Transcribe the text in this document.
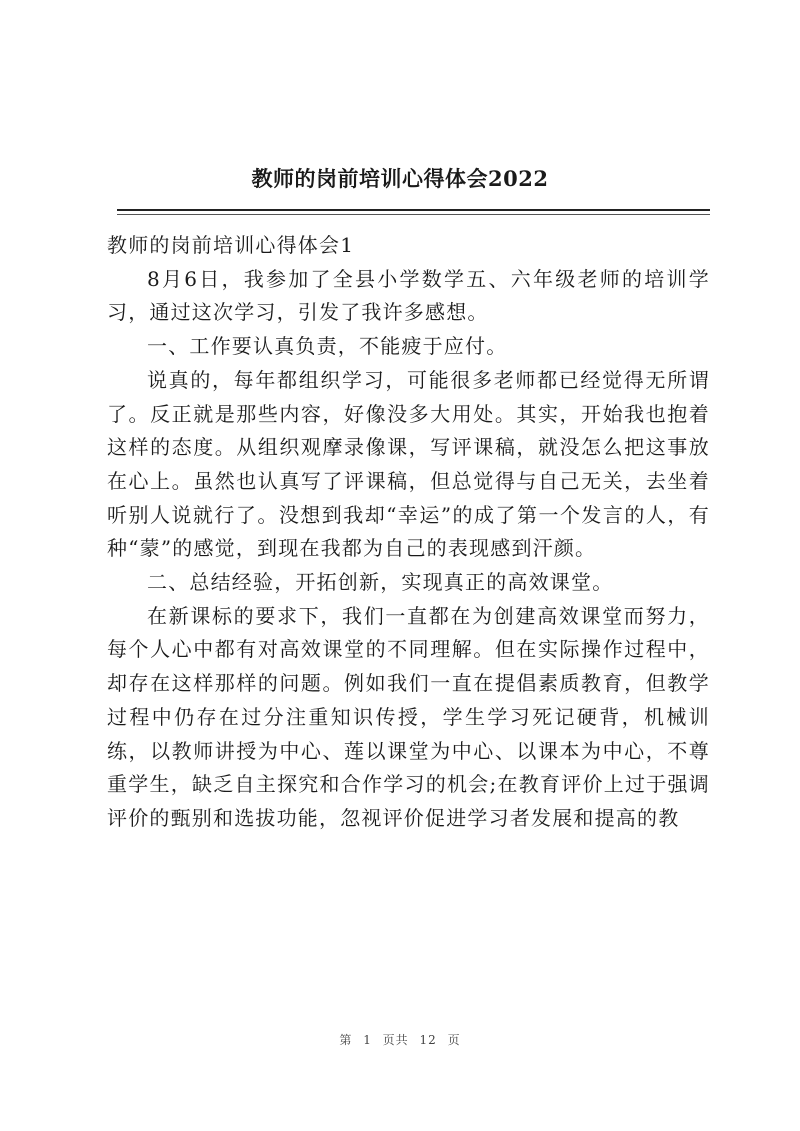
教师的岗前培训心得体会2022

教师的岗前培训心得体会1

8月6日，我参加了全县小学数学五、六年级老师的培训学习，通过这次学习，引发了我许多感想。

一、工作要认真负责，不能疲于应付。

说真的，每年都组织学习，可能很多老师都已经觉得无所谓了。反正就是那些内容，好像没多大用处。其实，开始我也抱着这样的态度。从组织观摩录像课，写评课稿，就没怎么把这事放在心上。虽然也认真写了评课稿，但总觉得与自己无关，去坐着听别人说就行了。没想到我却“幸运”的成了第一个发言的人，有种“蒙”的感觉，到现在我都为自己的表现感到汗颜。

二、总结经验，开拓创新，实现真正的高效课堂。

在新课标的要求下，我们一直都在为创建高效课堂而努力，每个人心中都有对高效课堂的不同理解。但在实际操作过程中，却存在这样那样的问题。例如我们一直在提倡素质教育，但教学过程中仍存在过分注重知识传授，学生学习死记硬背，机械训练，以教师讲授为中心、莲以课堂为中心、以课本为中心，不尊重学生，缺乏自主探究和合作学习的机会;在教育评价上过于强调评价的甄别和选拔功能，忽视评价促进学习者发展和提高的教

第 1 页共 12 页
